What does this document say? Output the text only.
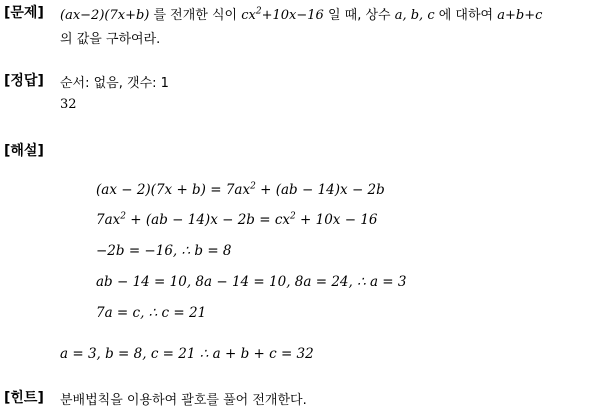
[문제] (ax−2)(7x+b) 를 전개한 식이 $cx^2+10x-16$ 일 때, 상수 a, b, c 에 대하여 a+b+c
의 값을 구하여라.
[정답] 순서: 없음, 갯수: 1
32
[해설]
$(ax - 2)(7x + b) = 7ax^2 + (ab - 14)x - 2b$
$7ax^2 + (ab - 14)x - 2b = cx^2 + 10x - 16$
−2b = −16, ∴ b = 8
ab − 14 = 10, 8a − 14 = 10, 8a = 24, ∴ a = 3
7a = c, ∴ c = 21
a = 3, b = 8, c = 21 ∴ a + b + c = 32
[힌트] 분배법칙을 이용하여 괄호를 풀어 전개한다.
